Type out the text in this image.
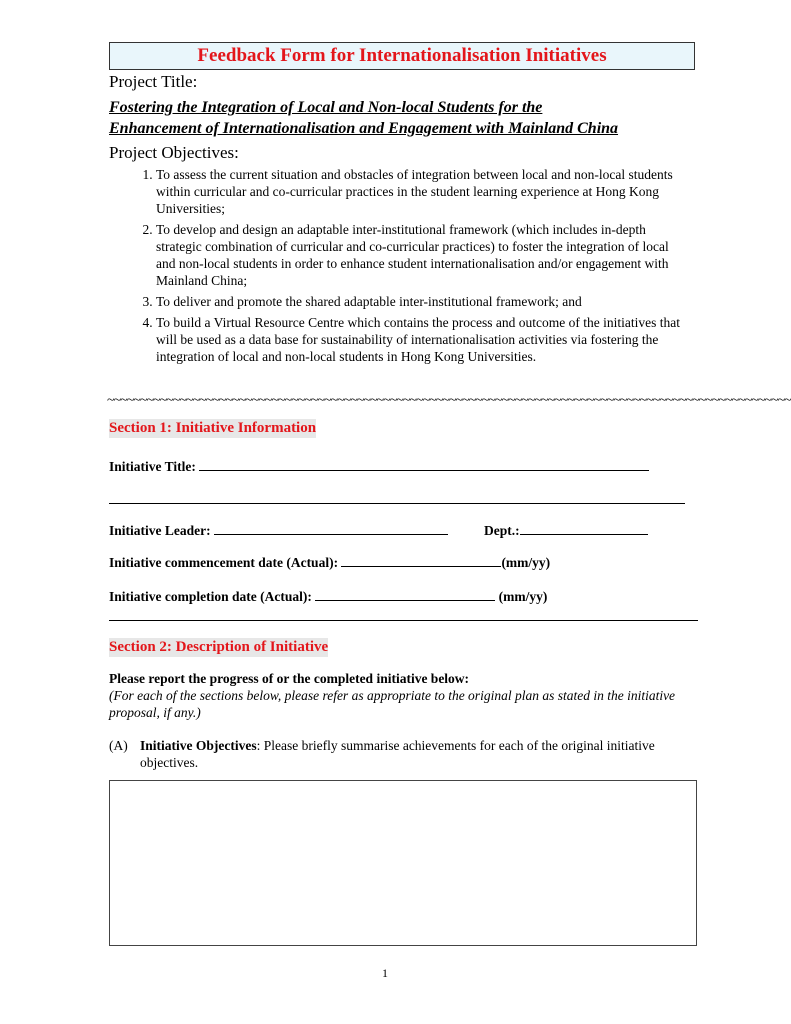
Feedback Form for Internationalisation Initiatives
Project Title:
Fostering the Integration of Local and Non-local Students for the
Enhancement of Internationalisation and Engagement with Mainland China
Project Objectives:
1. To assess the current situation and obstacles of integration between local and non-local students within curricular and co-curricular practices in the student learning experience at Hong Kong Universities;
2. To develop and design an adaptable inter-institutional framework (which includes in-depth strategic combination of curricular and co-curricular practices) to foster the integration of local and non-local students in order to enhance student internationalisation and/or engagement with Mainland China;
3. To deliver and promote the shared adaptable inter-institutional framework; and
4. To build a Virtual Resource Centre which contains the process and outcome of the initiatives that will be used as a data base for sustainability of internationalisation activities via fostering the integration of local and non-local students in Hong Kong Universities.
~~~~~~~~~~~~~~~~~~~~~~~~~~~~~~~~~~~~~~~~~~~~~~~~~~~~~~~~~~~~~~~~~~~~~~~~~~~~~~~~~~~~~~~~~~~~~~~~~~~~~~~~
Section 1: Initiative Information
Initiative Title:
Initiative Leader:	Dept.:
Initiative commencement date (Actual):	(mm/yy)
Initiative completion date (Actual):	(mm/yy)
Section 2: Description of Initiative
Please report the progress of or the completed initiative below:
(For each of the sections below, please refer as appropriate to the original plan as stated in the initiative proposal, if any.)
(A) Initiative Objectives: Please briefly summarise achievements for each of the original initiative objectives.
1
